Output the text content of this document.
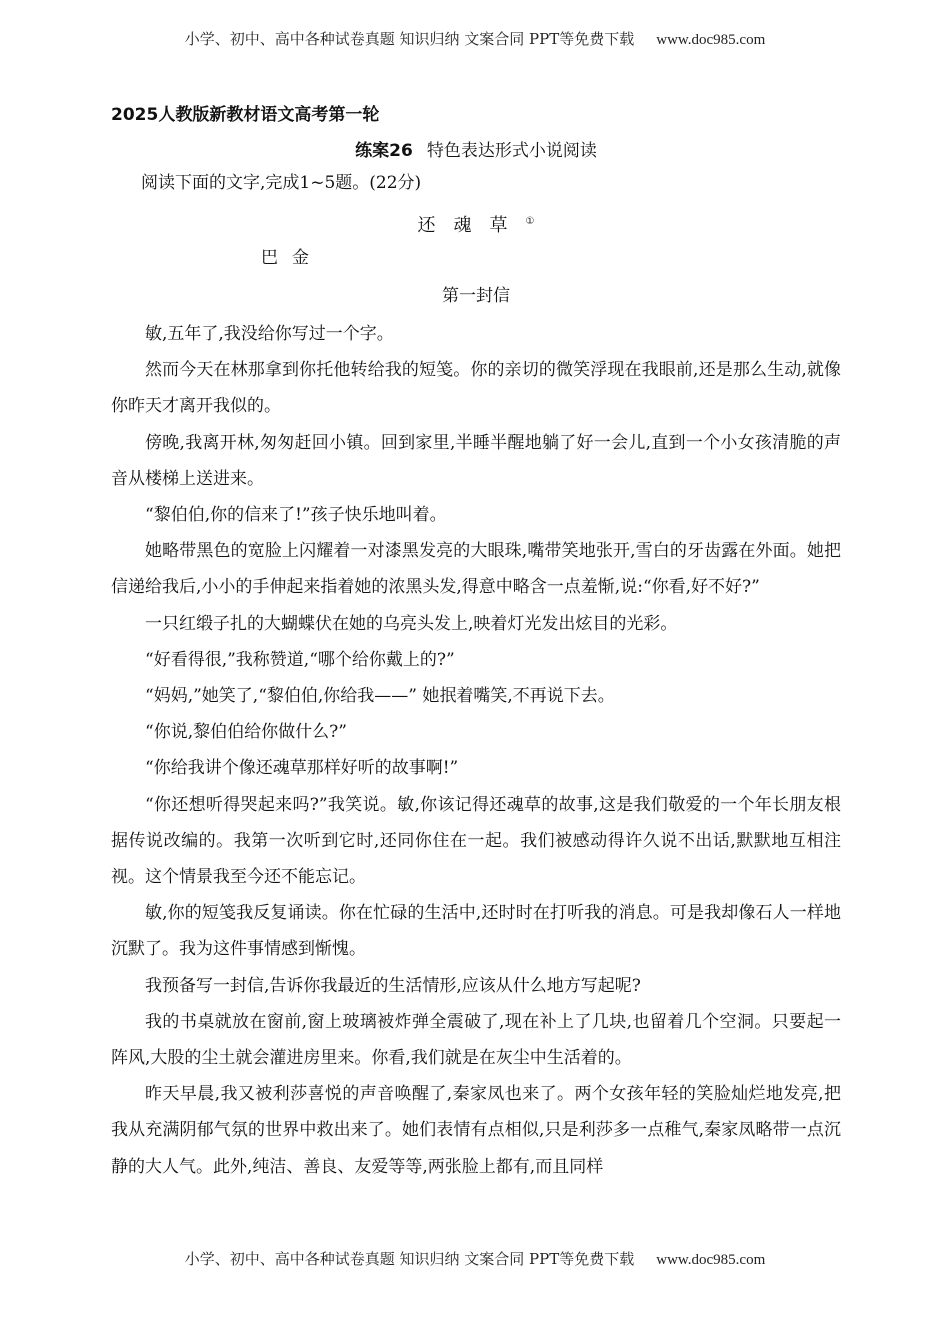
小学、初中、高中各种试卷真题 知识归纳 文案合同 PPT等免费下载 www.doc985.com
2025人教版新教材语文高考第一轮
练案26 特色表达形式小说阅读
阅读下面的文字,完成1~5题。(22分)
还魂草①
巴金
第一封信

敏,五年了,我没给你写过一个字。

然而今天在林那拿到你托他转给我的短笺。你的亲切的微笑浮现在我眼前,还是那么生动,就像你昨天才离开我似的。

傍晚,我离开林,匆匆赶回小镇。回到家里,半睡半醒地躺了好一会儿,直到一个小女孩清脆的声音从楼梯上送进来。

“黎伯伯,你的信来了!”孩子快乐地叫着。

她略带黑色的宽脸上闪耀着一对漆黑发亮的大眼珠,嘴带笑地张开,雪白的牙齿露在外面。她把信递给我后,小小的手伸起来指着她的浓黑头发,得意中略含一点羞惭,说:“你看,好不好?”

一只红缎子扎的大蝴蝶伏在她的乌亮头发上,映着灯光发出炫目的光彩。

“好看得很,”我称赞道,“哪个给你戴上的?”

“妈妈,”她笑了,“黎伯伯,你给我——” 她抿着嘴笑,不再说下去。

“你说,黎伯伯给你做什么?”

“你给我讲个像还魂草那样好听的故事啊!”

“你还想听得哭起来吗?”我笑说。敏,你该记得还魂草的故事,这是我们敬爱的一个年长朋友根据传说改编的。我第一次听到它时,还同你住在一起。我们被感动得许久说不出话,默默地互相注视。这个情景我至今还不能忘记。

敏,你的短笺我反复诵读。你在忙碌的生活中,还时时在打听我的消息。可是我却像石人一样地沉默了。我为这件事情感到惭愧。

我预备写一封信,告诉你我最近的生活情形,应该从什么地方写起呢?

我的书桌就放在窗前,窗上玻璃被炸弹全震破了,现在补上了几块,也留着几个空洞。只要起一阵风,大股的尘土就会灌进房里来。你看,我们就是在灰尘中生活着的。

昨天早晨,我又被利莎喜悦的声音唤醒了,秦家凤也来了。两个女孩年轻的笑脸灿烂地发亮,把我从充满阴郁气氛的世界中救出来了。她们表情有点相似,只是利莎多一点稚气,秦家凤略带一点沉静的大人气。此外,纯洁、善良、友爱等等,两张脸上都有,而且同样

小学、初中、高中各种试卷真题 知识归纳 文案合同 PPT等免费下载 www.doc985.com
